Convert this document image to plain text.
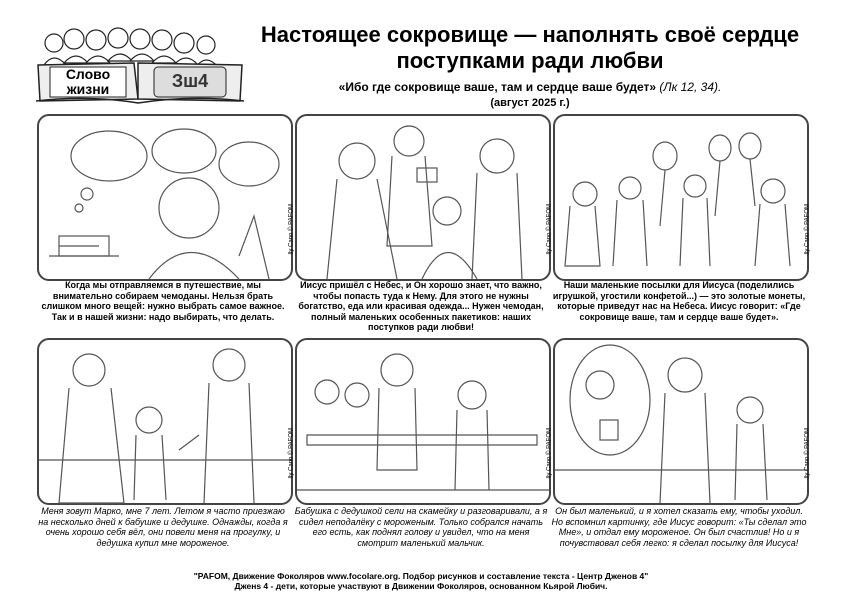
Слово
жизни	Зш4
Настоящее сокровище — наполнять своё сердце
поступками ради любви
«Ибо где сокровище ваше, там и сердце ваше будет» (Лк 12, 34).
(август 2025 г.)
Ily Cano © PAFOM	Ily Cano © PAFOM	Ily Cano © PAFOM
Когда мы отправляемся в путешествие, мы внимательно собираем чемоданы. Нельзя брать слишком много вещей: нужно выбрать самое важное. Так и в нашей жизни: надо выбирать, что делать.
Иисус пришёл с Небес, и Он хорошо знает, что важно, чтобы попасть туда к Нему. Для этого не нужны богатство, еда или красивая одежда... Нужен чемодан, полный маленьких особенных пакетиков: наших поступков ради любви!
Наши маленькие посылки для Иисуса (поделились игрушкой, угостили конфетой...) — это золотые монеты, которые приведут нас на Небеса. Иисус говорит: «Где сокровище ваше, там и сердце ваше будет».
Ily Cano © PAFOM	Ily Cano © PAFOM	Ily Cano © PAFOM
Меня зовут Марко, мне 7 лет. Летом я часто приезжаю на несколько дней к бабушке и дедушке. Однажды, когда я очень хорошо себя вёл, они повели меня на прогулку, и дедушка купил мне мороженое.
Бабушка с дедушкой сели на скамейку и разговаривали, а я сидел неподалёку с мороженым. Только собрался начать его есть, как поднял голову и увидел, что на меня смотрит маленький мальчик.
Он был маленький, и я хотел сказать ему, чтобы уходил. Но вспомнил картинку, где Иисус говорит: «Ты сделал это Мне», и отдал ему мороженое. Он был счастлив! Но и я почувствовал себя легко: я сделал посылку для Иисуса!
"PAFOM, Движение Фоколяров www.focolare.org. Подбор рисунков и составление текста - Центр Дженов 4"
Дженs 4 - дети, которые участвуют в Движении Фоколяров, основанном Кьярой Любич.
